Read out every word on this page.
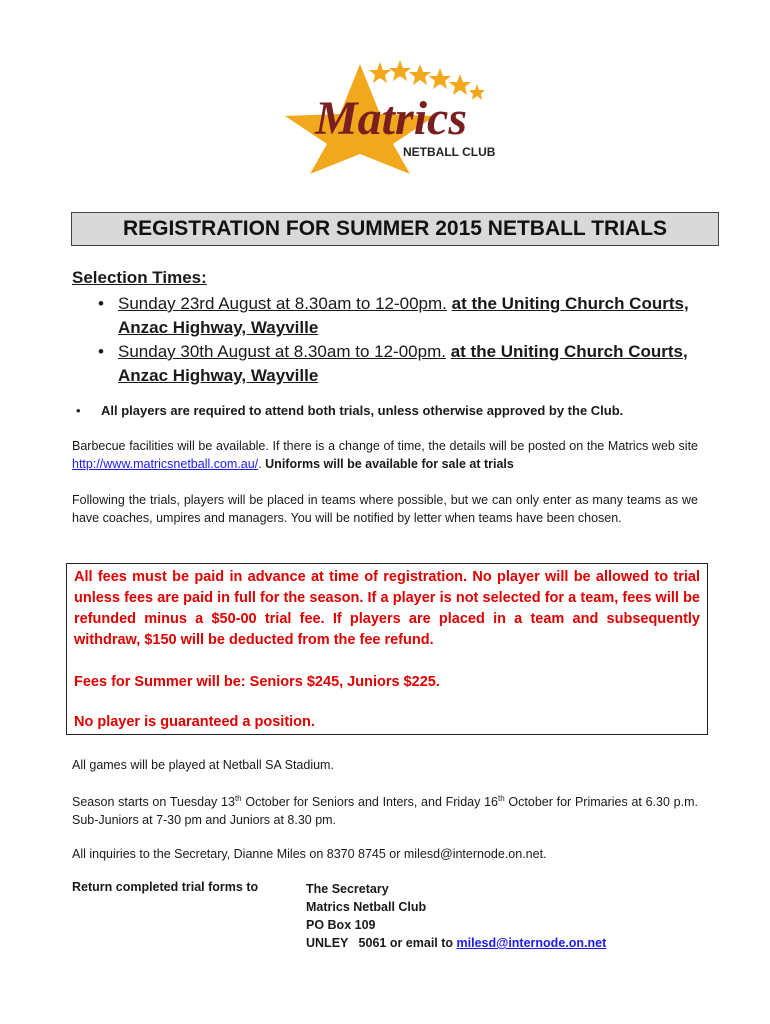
Matrics
NETBALL CLUB
REGISTRATION FOR SUMMER 2015 NETBALL TRIALS
Selection Times:
• Sunday 23rd August at 8.30am to 12-00pm. at the Uniting Church Courts, Anzac Highway, Wayville
• Sunday 30th August at 8.30am to 12-00pm. at the Uniting Church Courts, Anzac Highway, Wayville
• All players are required to attend both trials, unless otherwise approved by the Club.
Barbecue facilities will be available. If there is a change of time, the details will be posted on the Matrics web site http://www.matricsnetball.com.au/. Uniforms will be available for sale at trials
Following the trials, players will be placed in teams where possible, but we can only enter as many teams as we have coaches, umpires and managers. You will be notified by letter when teams have been chosen.
All fees must be paid in advance at time of registration. No player will be allowed to trial unless fees are paid in full for the season. If a player is not selected for a team, fees will be refunded minus a $50-00 trial fee. If players are placed in a team and subsequently withdraw, $150 will be deducted from the fee refund.
Fees for Summer will be: Seniors $245, Juniors $225.
No player is guaranteed a position.
All games will be played at Netball SA Stadium.
Season starts on Tuesday 13th October for Seniors and Inters, and Friday 16th October for Primaries at 6.30 p.m. Sub-Juniors at 7-30 pm and Juniors at 8.30 pm.
All inquiries to the Secretary, Dianne Miles on 8370 8745 or milesd@internode.on.net.
Return completed trial forms to	The Secretary
Matrics Netball Club
PO Box 109
UNLEY   5061 or email to milesd@internode.on.net
